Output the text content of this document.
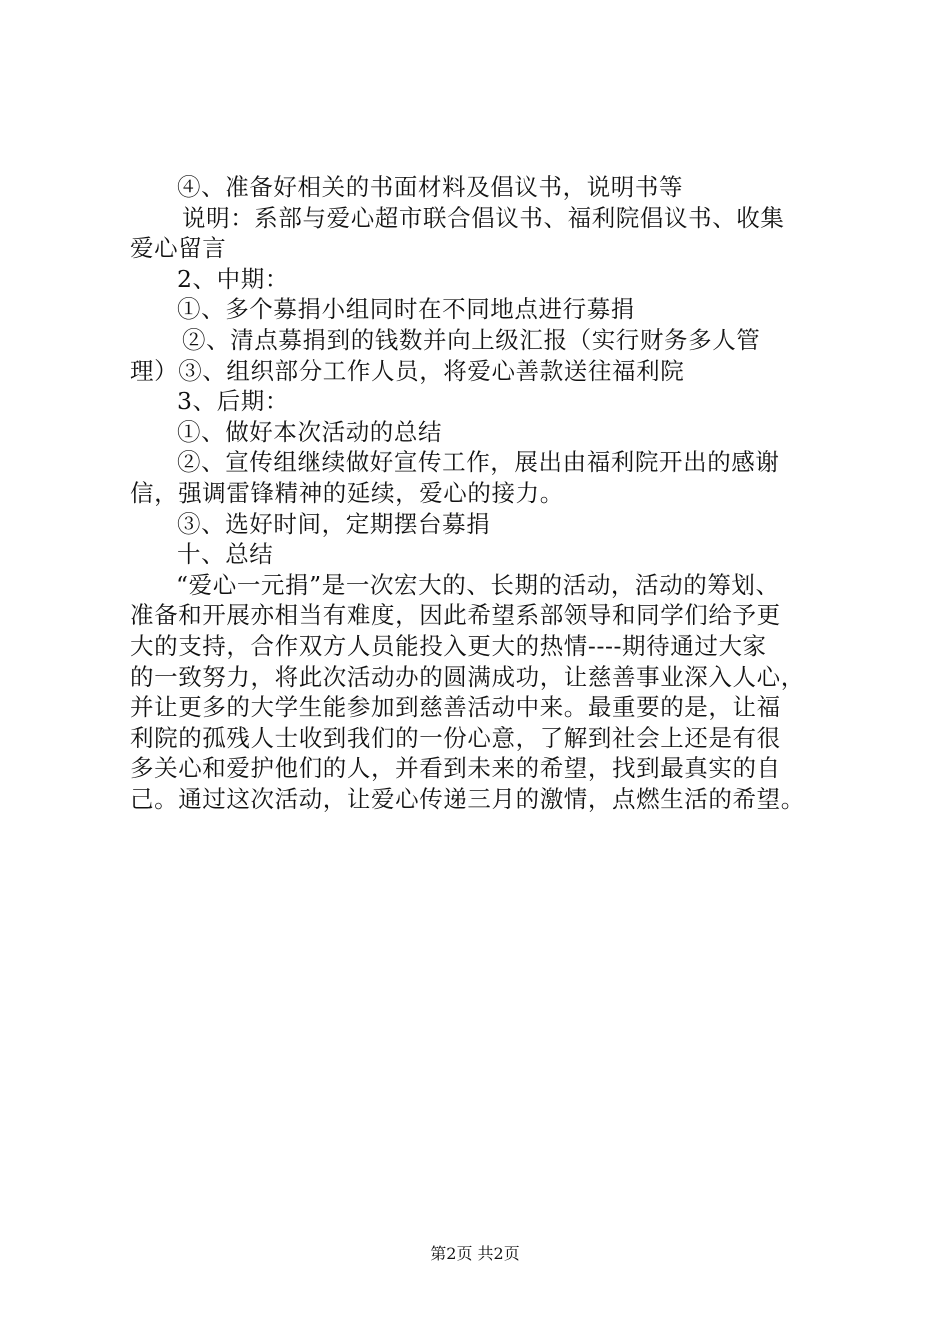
④、准备好相关的书面材料及倡议书，说明书等
说明：系部与爱心超市联合倡议书、福利院倡议书、收集
爱心留言
2、中期：
①、多个募捐小组同时在不同地点进行募捐
②、清点募捐到的钱数并向上级汇报（实行财务多人管
理）③、组织部分工作人员，将爱心善款送往福利院
3、后期：
①、做好本次活动的总结
②、宣传组继续做好宣传工作，展出由福利院开出的感谢
信，强调雷锋精神的延续，爱心的接力。
③、选好时间，定期摆台募捐
十、总结
“爱心一元捐”是一次宏大的、长期的活动，活动的筹划、
准备和开展亦相当有难度，因此希望系部领导和同学们给予更
大的支持，合作双方人员能投入更大的热情----期待通过大家
的一致努力，将此次活动办的圆满成功，让慈善事业深入人心，
并让更多的大学生能参加到慈善活动中来。最重要的是，让福
利院的孤残人士收到我们的一份心意，了解到社会上还是有很
多关心和爱护他们的人，并看到未来的希望，找到最真实的自
己。通过这次活动，让爱心传递三月的激情，点燃生活的希望。
第2页 共2页
